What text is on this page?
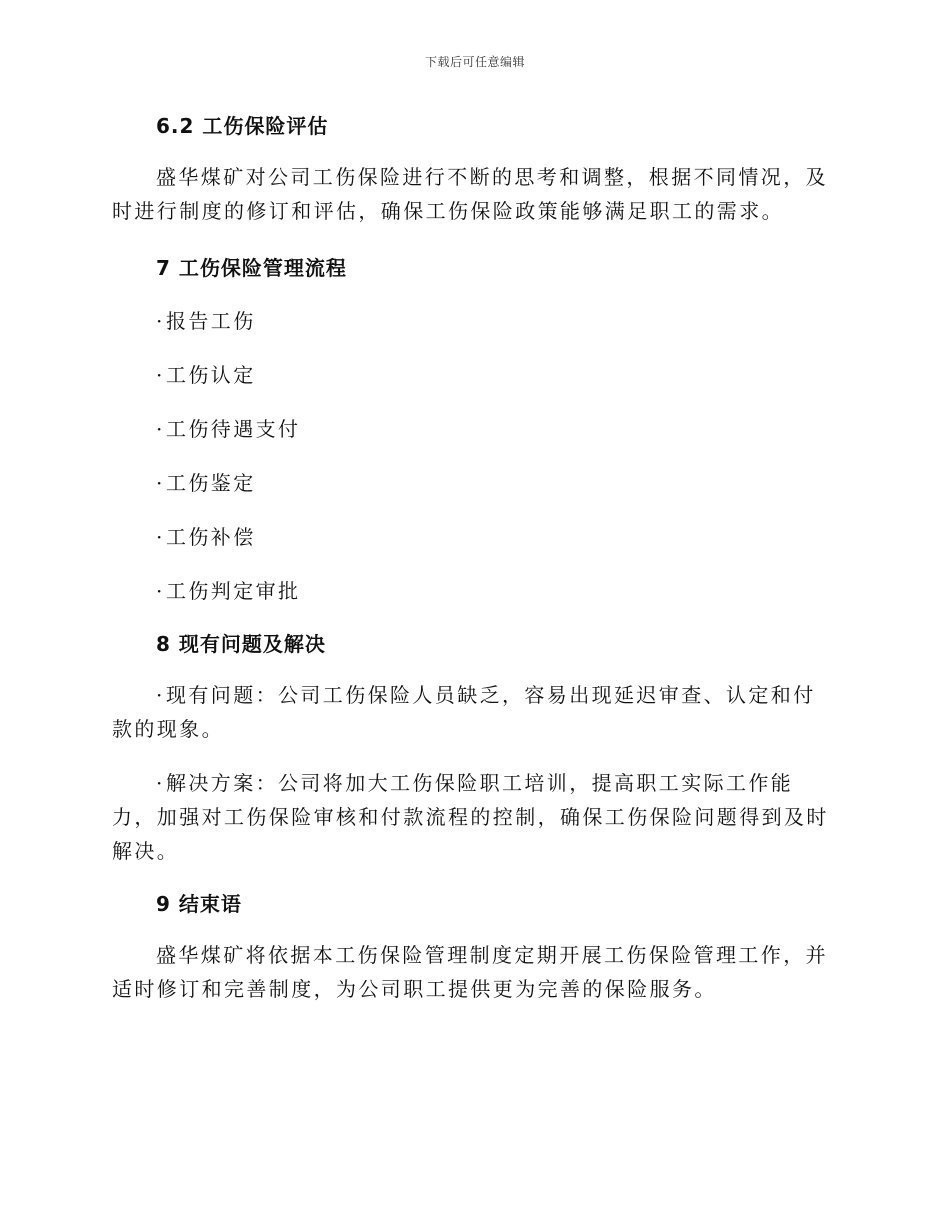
下载后可任意编辑
6.2 工伤保险评估

盛华煤矿对公司工伤保险进行不断的思考和调整，根据不同情况，及时进行制度的修订和评估，确保工伤保险政策能够满足职工的需求。

7 工伤保险管理流程

·报告工伤

·工伤认定

·工伤待遇支付

·工伤鉴定

·工伤补偿

·工伤判定审批

8 现有问题及解决

·现有问题：公司工伤保险人员缺乏，容易出现延迟审查、认定和付款的现象。

·解决方案：公司将加大工伤保险职工培训，提高职工实际工作能力，加强对工伤保险审核和付款流程的控制，确保工伤保险问题得到及时解决。

9 结束语

盛华煤矿将依据本工伤保险管理制度定期开展工伤保险管理工作，并适时修订和完善制度，为公司职工提供更为完善的保险服务。
